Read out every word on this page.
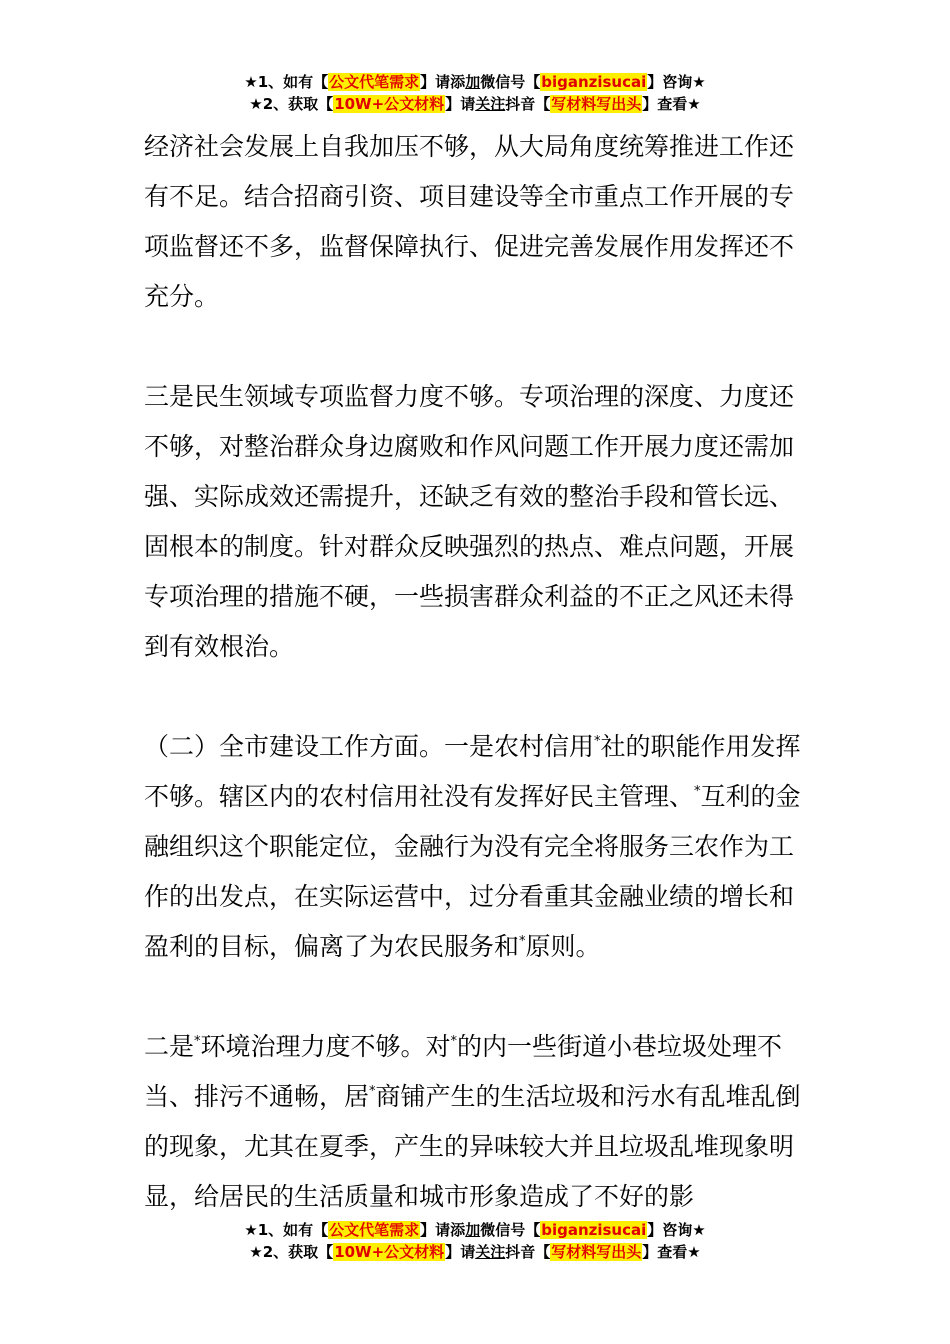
★1、如有【公文代笔需求】请添加微信号【biganzisucai】咨询★
★2、获取【10W+公文材料】请关注抖音【写材料写出头】查看★

经济社会发展上自我加压不够，从大局角度统筹推进工作还有不足。结合招商引资、项目建设等全市重点工作开展的专项监督还不多，监督保障执行、促进完善发展作用发挥还不充分。

三是民生领域专项监督力度不够。专项治理的深度、力度还不够，对整治群众身边腐败和作风问题工作开展力度还需加强、实际成效还需提升，还缺乏有效的整治手段和管长远、固根本的制度。针对群众反映强烈的热点、难点问题，开展专项治理的措施不硬，一些损害群众利益的不正之风还未得到有效根治。

（二）全市建设工作方面。一是农村信用*社的职能作用发挥不够。辖区内的农村信用社没有发挥好民主管理、*互利的金融组织这个职能定位，金融行为没有完全将服务三农作为工作的出发点，在实际运营中，过分看重其金融业绩的增长和盈利的目标，偏离了为农民服务和*原则。

二是*环境治理力度不够。对*的内一些街道小巷垃圾处理不当、排污不通畅，居*商铺产生的生活垃圾和污水有乱堆乱倒的现象，尤其在夏季，产生的异味较大并且垃圾乱堆现象明显，给居民的生活质量和城市形象造成了不好的影

★1、如有【公文代笔需求】请添加微信号【biganzisucai】咨询★
★2、获取【10W+公文材料】请关注抖音【写材料写出头】查看★
